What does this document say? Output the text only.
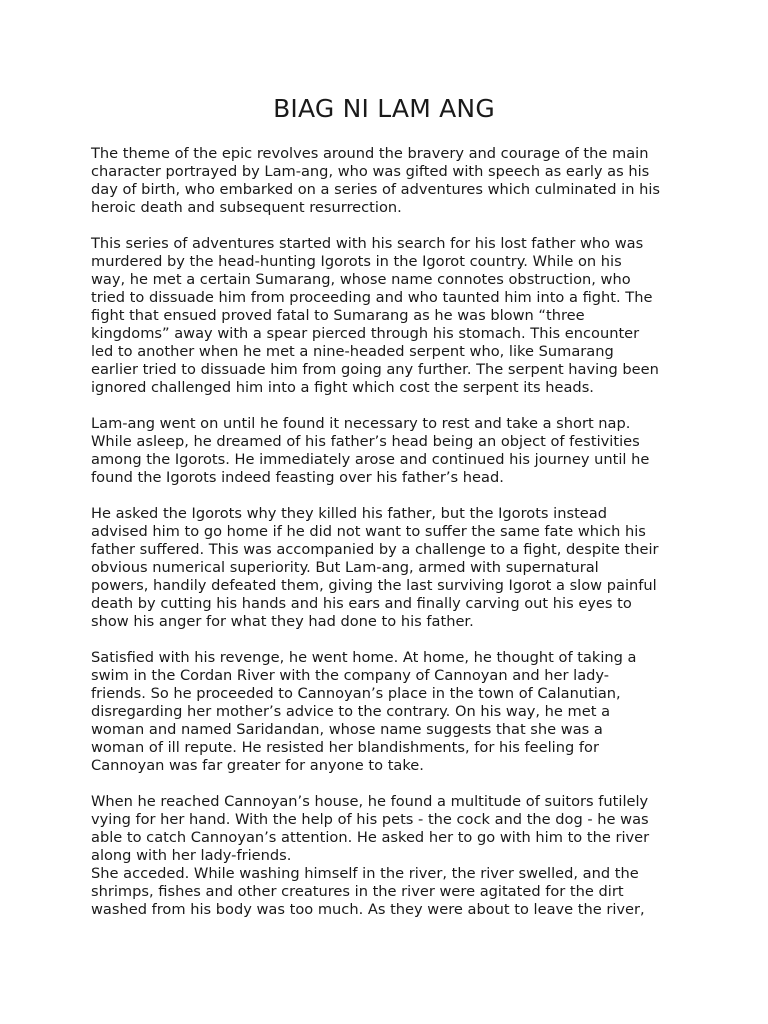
BIAG NI LAM ANG

The theme of the epic revolves around the bravery and courage of the main
character portrayed by Lam-ang, who was gifted with speech as early as his
day of birth, who embarked on a series of adventures which culminated in his
heroic death and subsequent resurrection.

This series of adventures started with his search for his lost father who was
murdered by the head-hunting Igorots in the Igorot country. While on his
way, he met a certain Sumarang, whose name connotes obstruction, who
tried to dissuade him from proceeding and who taunted him into a fight. The
fight that ensued proved fatal to Sumarang as he was blown “three
kingdoms” away with a spear pierced through his stomach. This encounter
led to another when he met a nine-headed serpent who, like Sumarang
earlier tried to dissuade him from going any further. The serpent having been
ignored challenged him into a fight which cost the serpent its heads.

Lam-ang went on until he found it necessary to rest and take a short nap.
While asleep, he dreamed of his father’s head being an object of festivities
among the Igorots. He immediately arose and continued his journey until he
found the Igorots indeed feasting over his father’s head.

He asked the Igorots why they killed his father, but the Igorots instead
advised him to go home if he did not want to suffer the same fate which his
father suffered. This was accompanied by a challenge to a fight, despite their
obvious numerical superiority. But Lam-ang, armed with supernatural
powers, handily defeated them, giving the last surviving Igorot a slow painful
death by cutting his hands and his ears and finally carving out his eyes to
show his anger for what they had done to his father.

Satisfied with his revenge, he went home. At home, he thought of taking a
swim in the Cordan River with the company of Cannoyan and her lady-
friends. So he proceeded to Cannoyan’s place in the town of Calanutian,
disregarding her mother’s advice to the contrary. On his way, he met a
woman and named Saridandan, whose name suggests that she was a
woman of ill repute. He resisted her blandishments, for his feeling for
Cannoyan was far greater for anyone to take.

When he reached Cannoyan’s house, he found a multitude of suitors futilely
vying for her hand. With the help of his pets - the cock and the dog - he was
able to catch Cannoyan’s attention. He asked her to go with him to the river
along with her lady-friends.
She acceded. While washing himself in the river, the river swelled, and the
shrimps, fishes and other creatures in the river were agitated for the dirt
washed from his body was too much. As they were about to leave the river,
